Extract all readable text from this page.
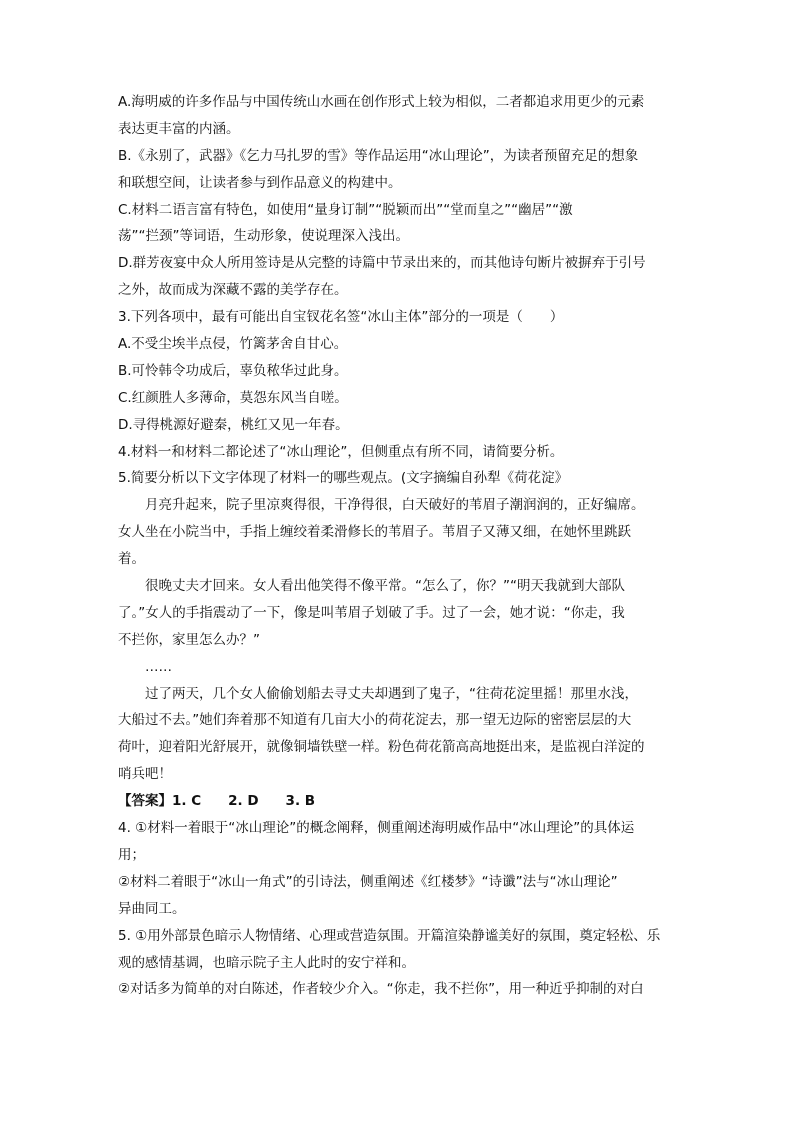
A.海明威的许多作品与中国传统山水画在创作形式上较为相似，二者都追求用更少的元素
表达更丰富的内涵。
B.《永别了，武器》《乞力马扎罗的雪》等作品运用“冰山理论”，为读者预留充足的想象
和联想空间，让读者参与到作品意义的构建中。
C.材料二语言富有特色，如使用“量身订制”“脱颖而出”“堂而皇之”“幽居”“激
荡”“拦颈”等词语，生动形象，使说理深入浅出。
D.群芳夜宴中众人所用签诗是从完整的诗篇中节录出来的，而其他诗句断片被摒弃于引号
之外，故而成为深藏不露的美学存在。
3.下列各项中，最有可能出自宝钗花名签“冰山主体”部分的一项是（　　）
A.不受尘埃半点侵，竹篱茅舍自甘心。
B.可怜韩令功成后，辜负秾华过此身。
C.红颜胜人多薄命，莫怨东风当自嗟。
D.寻得桃源好避秦，桃红又见一年春。
4.材料一和材料二都论述了“冰山理论”，但侧重点有所不同，请简要分析。
5.简要分析以下文字体现了材料一的哪些观点。(文字摘编自孙犁《荷花淀》
月亮升起来，院子里凉爽得很，干净得很，白天破好的苇眉子潮润润的，正好编席。
女人坐在小院当中，手指上缠绞着柔滑修长的苇眉子。苇眉子又薄又细，在她怀里跳跃
着。
很晚丈夫才回来。女人看出他笑得不像平常。“怎么了，你？”“明天我就到大部队
了。”女人的手指震动了一下，像是叫苇眉子划破了手。过了一会，她才说：“你走，我
不拦你，家里怎么办？”
……
过了两天，几个女人偷偷划船去寻丈夫却遇到了鬼子，“往荷花淀里摇！那里水浅，
大船过不去。”她们奔着那不知道有几亩大小的荷花淀去，那一望无边际的密密层层的大
荷叶，迎着阳光舒展开，就像铜墙铁壁一样。粉色荷花箭高高地挺出来，是监视白洋淀的
哨兵吧！
【答案】1. C　　2. D　　3. B
4. ①材料一着眼于“冰山理论”的概念阐释，侧重阐述海明威作品中“冰山理论”的具体运
用；
②材料二着眼于“冰山一角式”的引诗法，侧重阐述《红楼梦》“诗谶”法与“冰山理论”
异曲同工。
5. ①用外部景色暗示人物情绪、心理或营造氛围。开篇渲染静谧美好的氛围，奠定轻松、乐
观的感情基调，也暗示院子主人此时的安宁祥和。
②对话多为简单的对白陈述，作者较少介入。“你走，我不拦你”，用一种近乎抑制的对白
